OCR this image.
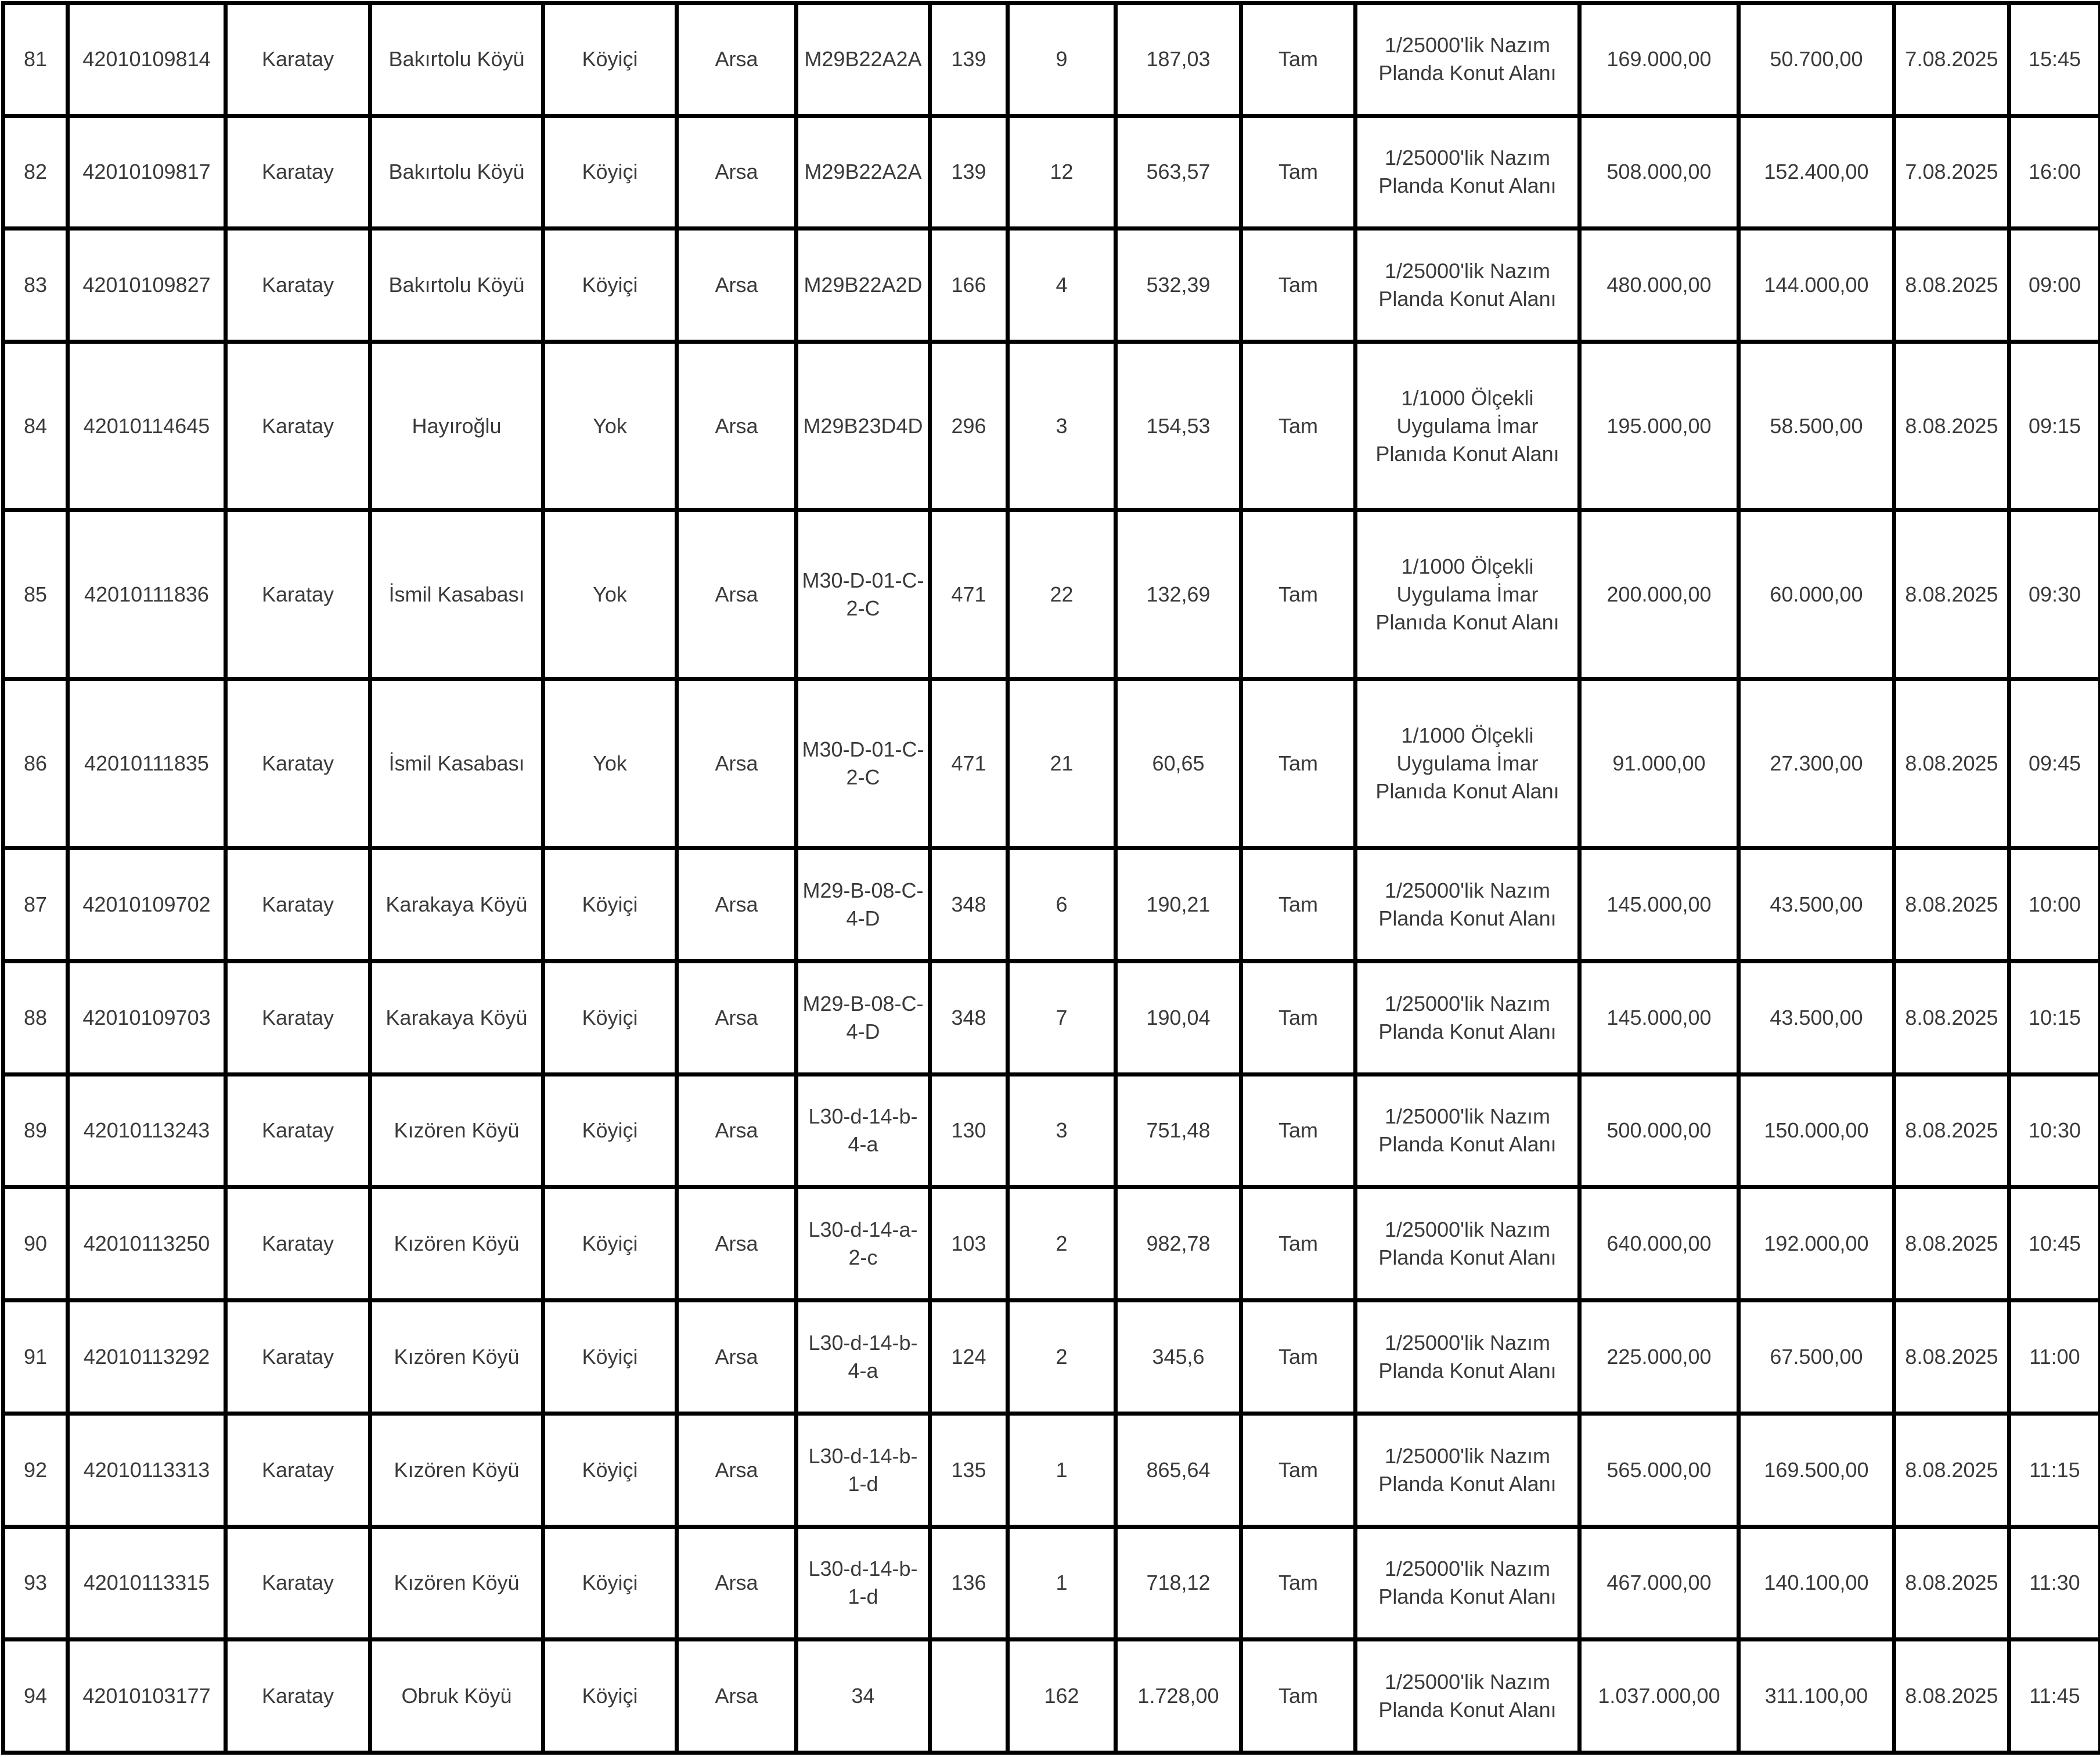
81	42010109814	Karatay	Bakırtolu Köyü	Köyiçi	Arsa	M29B22A2A	139	9	187,03	Tam	1/25000'lik Nazım Planda Konut Alanı	169.000,00	50.700,00	7.08.2025	15:45
82	42010109817	Karatay	Bakırtolu Köyü	Köyiçi	Arsa	M29B22A2A	139	12	563,57	Tam	1/25000'lik Nazım Planda Konut Alanı	508.000,00	152.400,00	7.08.2025	16:00
83	42010109827	Karatay	Bakırtolu Köyü	Köyiçi	Arsa	M29B22A2D	166	4	532,39	Tam	1/25000'lik Nazım Planda Konut Alanı	480.000,00	144.000,00	8.08.2025	09:00
84	42010114645	Karatay	Hayıroğlu	Yok	Arsa	M29B23D4D	296	3	154,53	Tam	1/1000 Ölçekli Uygulama İmar Planıda Konut Alanı	195.000,00	58.500,00	8.08.2025	09:15
85	42010111836	Karatay	İsmil Kasabası	Yok	Arsa	M30-D-01-C-2-C	471	22	132,69	Tam	1/1000 Ölçekli Uygulama İmar Planıda Konut Alanı	200.000,00	60.000,00	8.08.2025	09:30
86	42010111835	Karatay	İsmil Kasabası	Yok	Arsa	M30-D-01-C-2-C	471	21	60,65	Tam	1/1000 Ölçekli Uygulama İmar Planıda Konut Alanı	91.000,00	27.300,00	8.08.2025	09:45
87	42010109702	Karatay	Karakaya Köyü	Köyiçi	Arsa	M29-B-08-C-4-D	348	6	190,21	Tam	1/25000'lik Nazım Planda Konut Alanı	145.000,00	43.500,00	8.08.2025	10:00
88	42010109703	Karatay	Karakaya Köyü	Köyiçi	Arsa	M29-B-08-C-4-D	348	7	190,04	Tam	1/25000'lik Nazım Planda Konut Alanı	145.000,00	43.500,00	8.08.2025	10:15
89	42010113243	Karatay	Kızören Köyü	Köyiçi	Arsa	L30-d-14-b-4-a	130	3	751,48	Tam	1/25000'lik Nazım Planda Konut Alanı	500.000,00	150.000,00	8.08.2025	10:30
90	42010113250	Karatay	Kızören Köyü	Köyiçi	Arsa	L30-d-14-a-2-c	103	2	982,78	Tam	1/25000'lik Nazım Planda Konut Alanı	640.000,00	192.000,00	8.08.2025	10:45
91	42010113292	Karatay	Kızören Köyü	Köyiçi	Arsa	L30-d-14-b-4-a	124	2	345,6	Tam	1/25000'lik Nazım Planda Konut Alanı	225.000,00	67.500,00	8.08.2025	11:00
92	42010113313	Karatay	Kızören Köyü	Köyiçi	Arsa	L30-d-14-b-1-d	135	1	865,64	Tam	1/25000'lik Nazım Planda Konut Alanı	565.000,00	169.500,00	8.08.2025	11:15
93	42010113315	Karatay	Kızören Köyü	Köyiçi	Arsa	L30-d-14-b-1-d	136	1	718,12	Tam	1/25000'lik Nazım Planda Konut Alanı	467.000,00	140.100,00	8.08.2025	11:30
94	42010103177	Karatay	Obruk Köyü	Köyiçi	Arsa	34		162	1.728,00	Tam	1/25000'lik Nazım Planda Konut Alanı	1.037.000,00	311.100,00	8.08.2025	11:45
